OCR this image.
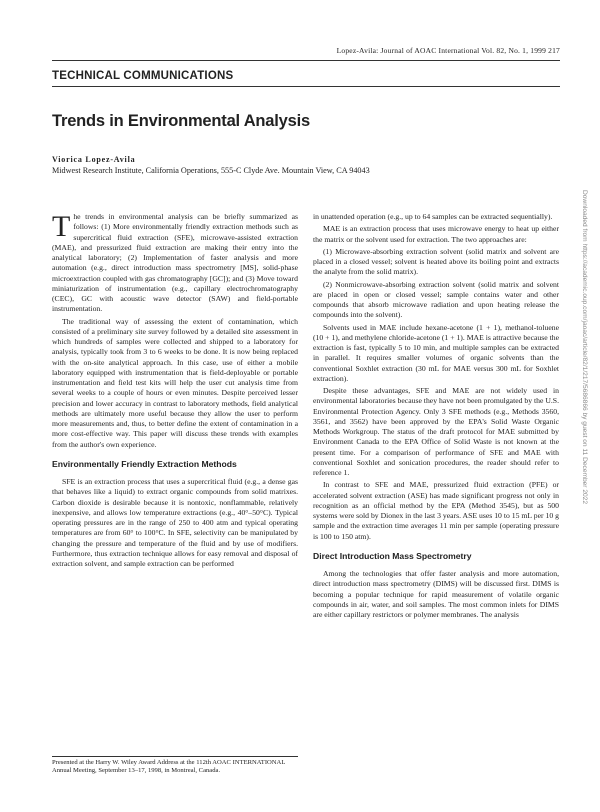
Lopez-Avila: Journal of AOAC International Vol. 82, No. 1, 1999 217
TECHNICAL COMMUNICATIONS
Trends in Environmental Analysis
Viorica Lopez-Avila
Midwest Research Institute, California Operations, 555-C Clyde Ave. Mountain View, CA 94043

The trends in environmental analysis can be briefly summarized as follows: (1) More environmentally friendly extraction methods such as supercritical fluid extraction (SFE), microwave-assisted extraction (MAE), and pressurized fluid extraction are making their entry into the analytical laboratory; (2) Implementation of faster analysis and more automation (e.g., direct introduction mass spectrometry [MS], solid-phase microextraction coupled with gas chromatography [GC]); and (3) Move toward miniaturization of instrumentation (e.g., capillary electrochromatography (CEC), GC with acoustic wave detector (SAW) and field-portable instrumentation.

The traditional way of assessing the extent of contamination, which consisted of a preliminary site survey followed by a detailed site assessment in which hundreds of samples were collected and shipped to a laboratory for analysis, typically took from 3 to 6 weeks to be done. It is now being replaced with the on-site analytical approach. In this case, use of either a mobile laboratory equipped with instrumentation that is field-deployable or portable instrumentation and field test kits will help the user cut analysis time from several weeks to a couple of hours or even minutes. Despite perceived lesser precision and lower accuracy in contrast to laboratory methods, field analytical methods are ultimately more useful because they allow the user to perform more measurements and, thus, to better define the extent of contamination in a more cost-effective way. This paper will discuss these trends with examples from the author's own experience.

Environmentally Friendly Extraction Methods

SFE is an extraction process that uses a supercritical fluid (e.g., a dense gas that behaves like a liquid) to extract organic compounds from solid matrixes. Carbon dioxide is desirable because it is nontoxic, nonflammable, relatively inexpensive, and allows low temperature extractions (e.g., 40°–50°C). Typical operating pressures are in the range of 250 to 400 atm and typical operating temperatures are from 60° to 100°C. In SFE, selectivity can be manipulated by changing the pressure and temperature of the fluid and by use of modifiers. Furthermore, thus extraction technique allows for easy removal and disposal of extraction solvent, and sample extraction can be performed

Presented at the Harry W. Wiley Award Address at the 112th AOAC INTERNATIONAL Annual Meeting, September 13–17, 1998, in Montreal, Canada.

in unattended operation (e.g., up to 64 samples can be extracted sequentially).

MAE is an extraction process that uses microwave energy to heat up either the matrix or the solvent used for extraction. The two approaches are:

(1) Microwave-absorbing extraction solvent (solid matrix and solvent are placed in a closed vessel; solvent is heated above its boiling point and extracts the analyte from the solid matrix).

(2) Nonmicrowave-absorbing extraction solvent (solid matrix and solvent are placed in open or closed vessel; sample contains water and other compounds that absorb microwave radiation and upon heating release the compounds into the solvent).

Solvents used in MAE include hexane-acetone (1 + 1), methanol-toluene (10 + 1), and methylene chloride-acetone (1 + 1). MAE is attractive because the extraction is fast, typically 5 to 10 min, and multiple samples can be extracted in parallel. It requires smaller volumes of organic solvents than the conventional Soxhlet extraction (30 mL for MAE versus 300 mL for Soxhlet extraction).

Despite these advantages, SFE and MAE are not widely used in environmental laboratories because they have not been promulgated by the U.S. Environmental Protection Agency. Only 3 SFE methods (e.g., Methods 3560, 3561, and 3562) have been approved by the EPA's Solid Waste Organic Methods Workgroup. The status of the draft protocol for MAE submitted by Environment Canada to the EPA Office of Solid Waste is not known at the present time. For a comparison of performance of SFE and MAE with conventional Soxhlet and sonication procedures, the reader should refer to reference 1.

In contrast to SFE and MAE, pressurized fluid extraction (PFE) or accelerated solvent extraction (ASE) has made significant progress not only in recognition as an official method by the EPA (Method 3545), but as 500 systems were sold by Dionex in the last 3 years. ASE uses 10 to 15 mL per 10 g sample and the extraction time averages 11 min per sample (operating pressure is 100 to 150 atm).

Direct Introduction Mass Spectrometry

Among the technologies that offer faster analysis and more automation, direct introduction mass spectrometry (DIMS) will be discussed first. DIMS is becoming a popular technique for rapid measurement of volatile organic compounds in air, water, and soil samples. The most common inlets for DIMS are either capillary restrictors or polymer membranes. The analysis

Downloaded from https://academic.oup.com/jaoac/article/82/1/217/5686866 by guest on 11 December 2022
